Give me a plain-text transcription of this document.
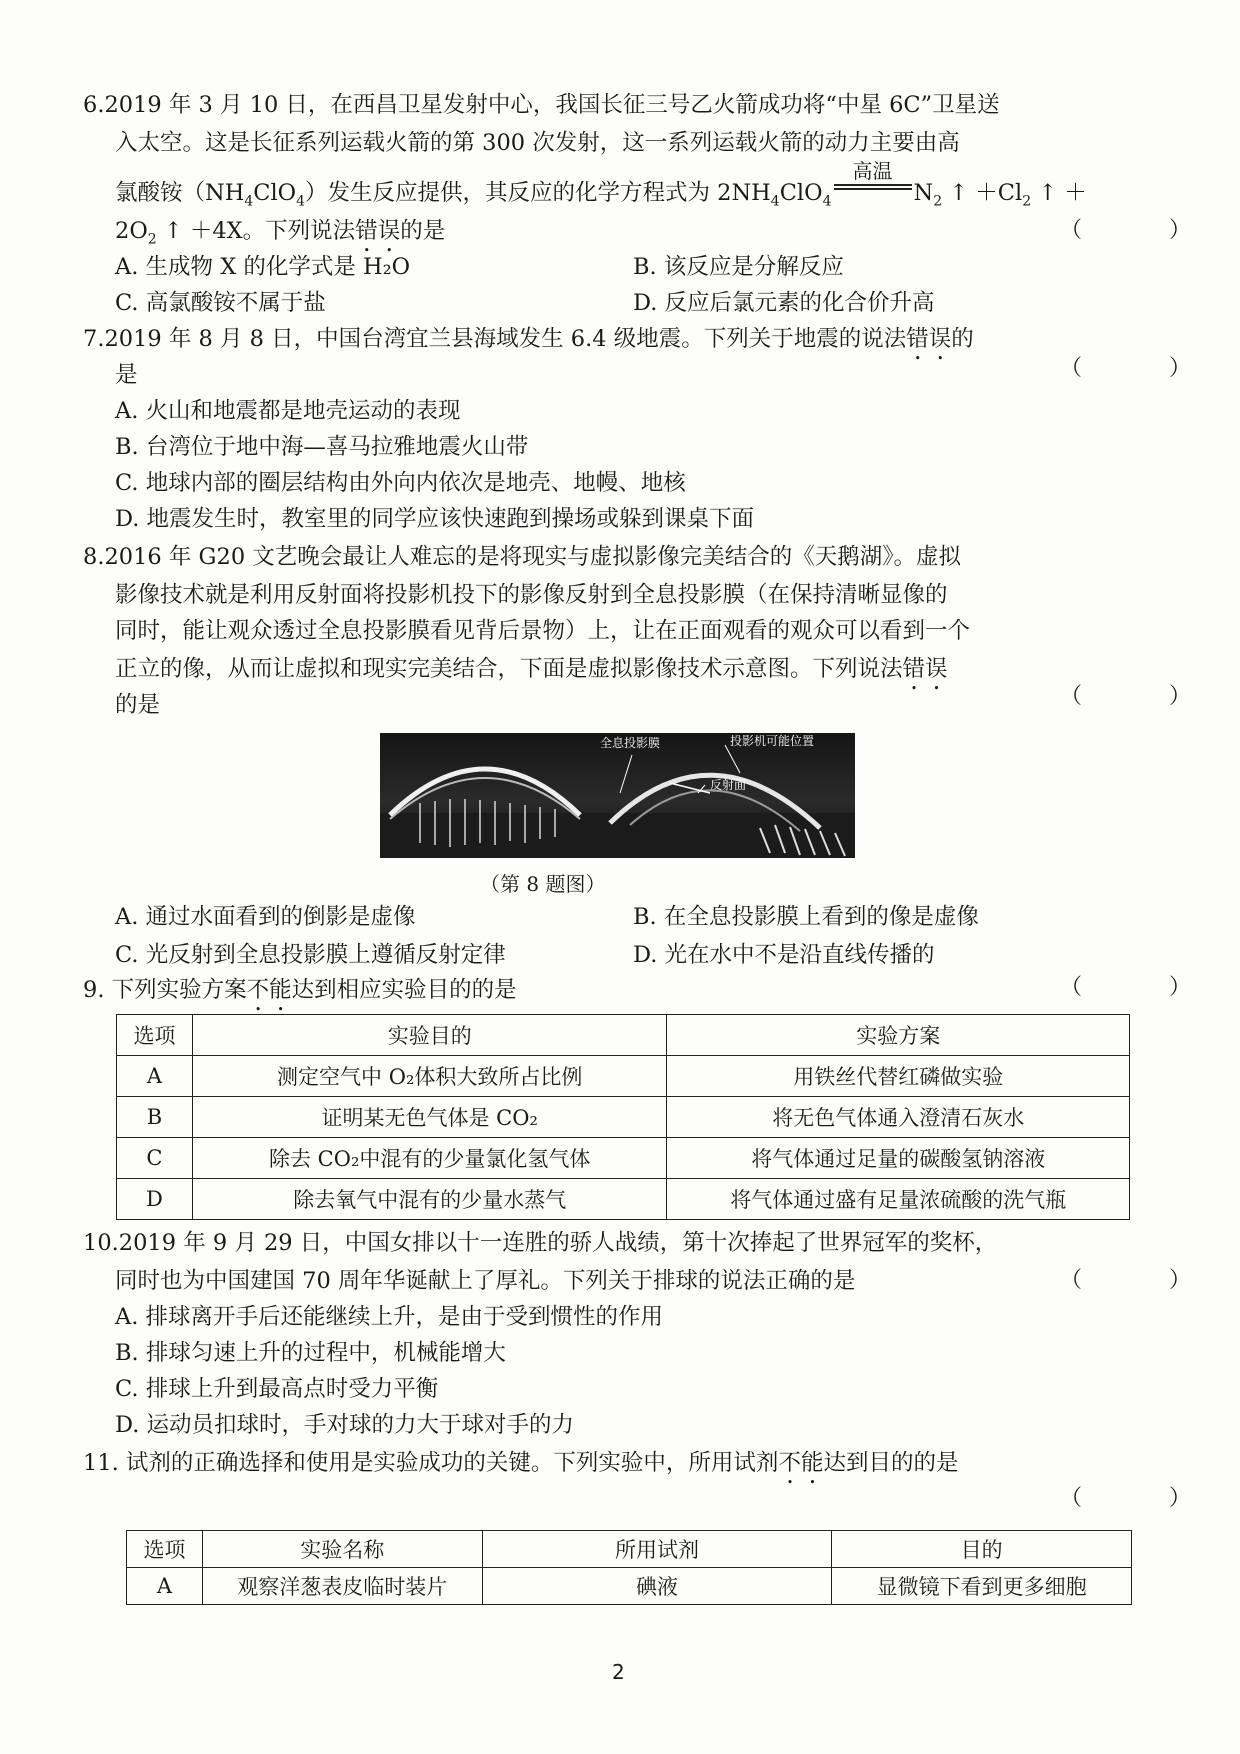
6.2019 年 3 月 10 日，在西昌卫星发射中心，我国长征三号乙火箭成功将“中星 6C”卫星送
入太空。这是长征系列运载火箭的第 300 次发射，这一系列运载火箭的动力主要由高
氯酸铵$(NH_4ClO_4)$发生反应提供，其反应的化学方程式为 $2NH_4ClO_4$
高温
$N_2$ ↑ $+Cl_2$ ↑ ＋
$2O_2$ ↑ ＋4X。下列说法错误的是	（ ）
A. 生成物 X 的化学式是 H₂O	B. 该反应是分解反应
C. 高氯酸铵不属于盐	D. 反应后氯元素的化合价升高
7.2019 年 8 月 8 日，中国台湾宜兰县海域发生 6.4 级地震。下列关于地震的说法错误的
是	（ ）
A. 火山和地震都是地壳运动的表现
B. 台湾位于地中海—喜马拉雅地震火山带
C. 地球内部的圈层结构由外向内依次是地壳、地幔、地核
D. 地震发生时，教室里的同学应该快速跑到操场或躲到课桌下面
8.2016 年 G20 文艺晚会最让人难忘的是将现实与虚拟影像完美结合的《天鹅湖》。虚拟
影像技术就是利用反射面将投影机投下的影像反射到全息投影膜（在保持清晰显像的
同时，能让观众透过全息投影膜看见背后景物）上，让在正面观看的观众可以看到一个
正立的像，从而让虚拟和现实完美结合，下面是虚拟影像技术示意图。下列说法错误
的是	（ ）
全息投影膜	投影机可能位置
反射面
（第 8 题图）
A. 通过水面看到的倒影是虚像	B. 在全息投影膜上看到的像是虚像
C. 光反射到全息投影膜上遵循反射定律	D. 光在水中不是沿直线传播的
9. 下列实验方案不能达到相应实验目的的是	（ ）
选项	实验目的	实验方案
A	测定空气中 O₂体积大致所占比例	用铁丝代替红磷做实验
B	证明某无色气体是 CO₂	将无色气体通入澄清石灰水
C	除去 CO₂中混有的少量氯化氢气体	将气体通过足量的碳酸氢钠溶液
D	除去氧气中混有的少量水蒸气	将气体通过盛有足量浓硫酸的洗气瓶
10.2019 年 9 月 29 日，中国女排以十一连胜的骄人战绩，第十次捧起了世界冠军的奖杯，
同时也为中国建国 70 周年华诞献上了厚礼。下列关于排球的说法正确的是	（ ）
A. 排球离开手后还能继续上升，是由于受到惯性的作用
B. 排球匀速上升的过程中，机械能增大
C. 排球上升到最高点时受力平衡
D. 运动员扣球时，手对球的力大于球对手的力
11. 试剂的正确选择和使用是实验成功的关键。下列实验中，所用试剂不能达到目的的是
（ ）
选项	实验名称	所用试剂	目的
A	观察洋葱表皮临时装片	碘液	显微镜下看到更多细胞
2
